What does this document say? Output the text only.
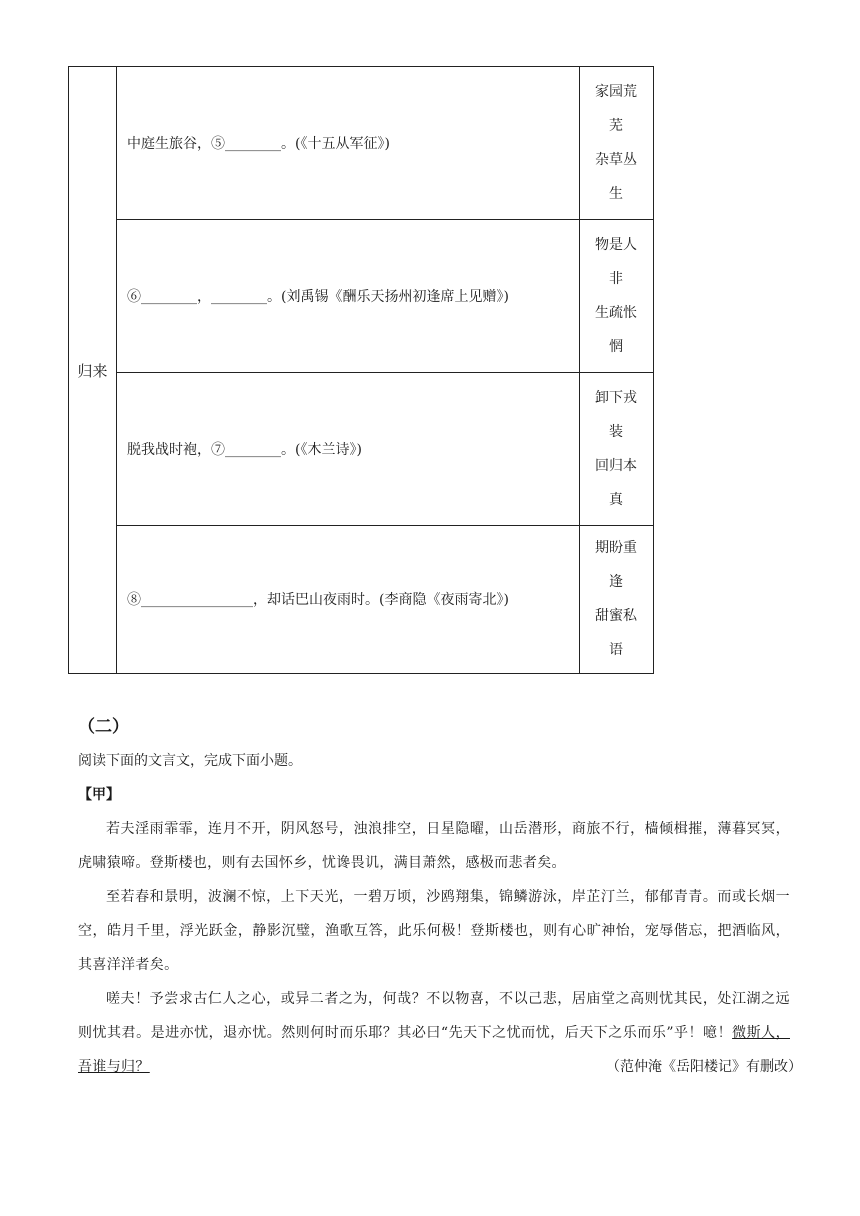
归来
中庭生旅谷，⑤________。(《十五从军征》)
家园荒
芜
杂草丛
生
⑥________，________。(刘禹锡《酬乐天扬州初逢席上见赠》)
物是人
非
生疏怅
惘
脱我战时袍，⑦________。(《木兰诗》)
卸下戎
装
回归本
真
⑧________________，却话巴山夜雨时。(李商隐《夜雨寄北》)
期盼重
逢
甜蜜私
语
（二）
阅读下面的文言文，完成下面小题。
【甲】

若夫淫雨霏霏，连月不开，阴风怒号，浊浪排空，日星隐曜，山岳潜形，商旅不行，樯倾楫摧，薄暮冥冥，虎啸猿啼。登斯楼也，则有去国怀乡，忧谗畏讥，满目萧然，感极而悲者矣。

至若春和景明，波澜不惊，上下天光，一碧万顷，沙鸥翔集，锦鳞游泳，岸芷汀兰，郁郁青青。而或长烟一空，皓月千里，浮光跃金，静影沉璧，渔歌互答，此乐何极！登斯楼也，则有心旷神怡，宠辱偕忘，把酒临风，其喜洋洋者矣。

嗟夫！予尝求古仁人之心，或异二者之为，何哉？不以物喜，不以己悲，居庙堂之高则忧其民，处江湖之远则忧其君。是进亦忧，退亦忧。然则何时而乐耶？其必曰“先天下之忧而忧，后天下之乐而乐”乎！噫！微斯人，吾谁与归？	（范仲淹《岳阳楼记》有删改）
